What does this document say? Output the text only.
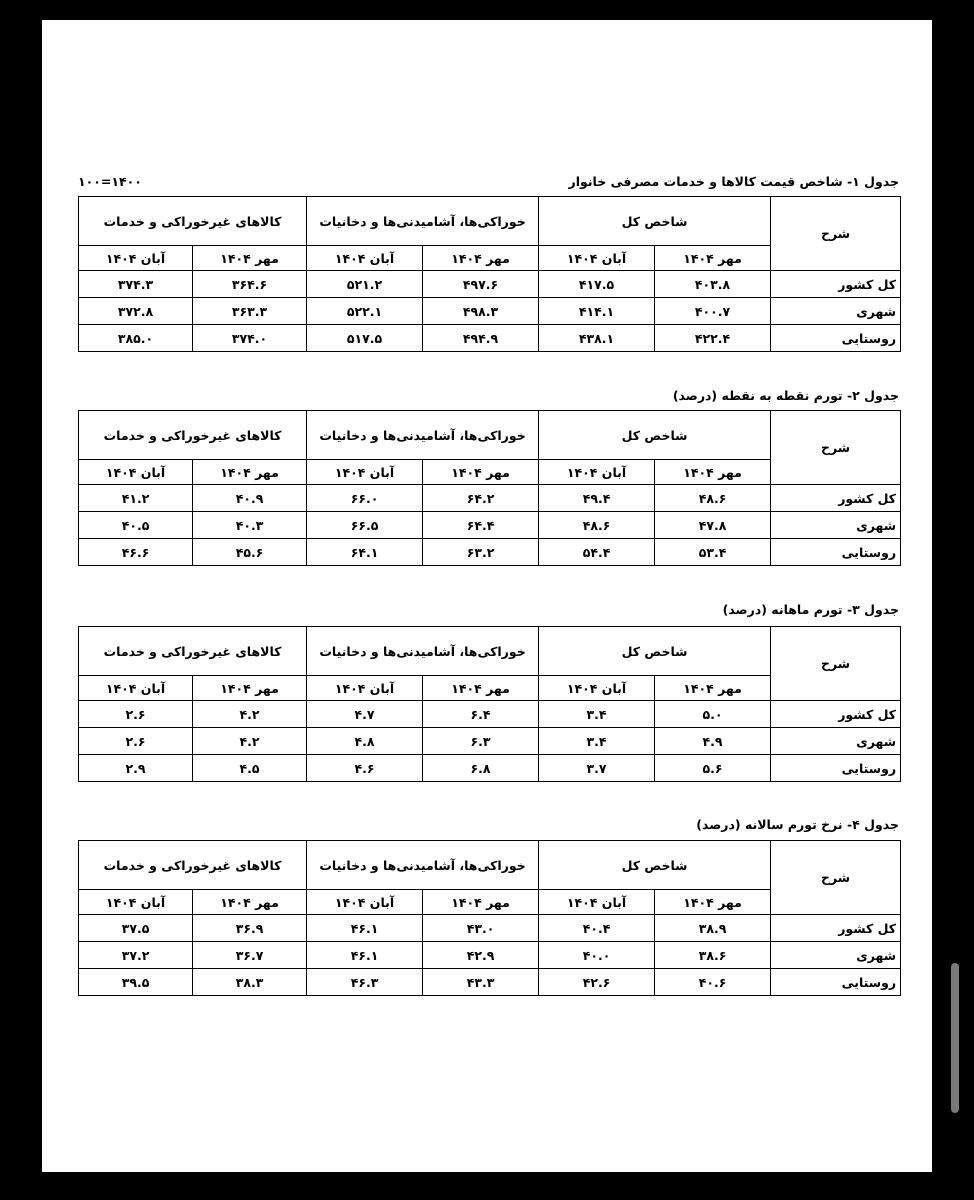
جدول ۱- شاخص قیمت کالاها و خدمات مصرفی خانوار
۱۰۰=۱۴۰۰
شرح	شاخص کل		خوراکی‌ها، آشامیدنی‌ها و دخانیات		کالاهای غیرخوراکی و خدمات	
	مهر ۱۴۰۴	آبان ۱۴۰۴	مهر ۱۴۰۴	آبان ۱۴۰۴	مهر ۱۴۰۴	آبان ۱۴۰۴
کل کشور	۴۰۳.۸	۴۱۷.۵	۴۹۷.۶	۵۲۱.۲	۳۶۴.۶	۳۷۴.۳
شهری	۴۰۰.۷	۴۱۴.۱	۴۹۸.۳	۵۲۲.۱	۳۶۳.۳	۳۷۲.۸
روستایی	۴۲۲.۴	۴۳۸.۱	۴۹۴.۹	۵۱۷.۵	۳۷۴.۰	۳۸۵.۰
جدول ۲- تورم نقطه به نقطه (درصد)
شرح	شاخص کل		خوراکی‌ها، آشامیدنی‌ها و دخانیات		کالاهای غیرخوراکی و خدمات	
	مهر ۱۴۰۴	آبان ۱۴۰۴	مهر ۱۴۰۴	آبان ۱۴۰۴	مهر ۱۴۰۴	آبان ۱۴۰۴
کل کشور	۴۸.۶	۴۹.۴	۶۴.۲	۶۶.۰	۴۰.۹	۴۱.۲
شهری	۴۷.۸	۴۸.۶	۶۴.۴	۶۶.۵	۴۰.۳	۴۰.۵
روستایی	۵۳.۴	۵۴.۴	۶۳.۲	۶۴.۱	۴۵.۶	۴۶.۶
جدول ۳- تورم ماهانه (درصد)
شرح	شاخص کل		خوراکی‌ها، آشامیدنی‌ها و دخانیات		کالاهای غیرخوراکی و خدمات	
	مهر ۱۴۰۴	آبان ۱۴۰۴	مهر ۱۴۰۴	آبان ۱۴۰۴	مهر ۱۴۰۴	آبان ۱۴۰۴
کل کشور	۵.۰	۳.۴	۶.۴	۴.۷	۴.۲	۲.۶
شهری	۴.۹	۳.۴	۶.۳	۴.۸	۴.۲	۲.۶
روستایی	۵.۶	۳.۷	۶.۸	۴.۶	۴.۵	۲.۹
جدول ۴- نرخ تورم سالانه (درصد)
شرح	شاخص کل		خوراکی‌ها، آشامیدنی‌ها و دخانیات		کالاهای غیرخوراکی و خدمات	
	مهر ۱۴۰۴	آبان ۱۴۰۴	مهر ۱۴۰۴	آبان ۱۴۰۴	مهر ۱۴۰۴	آبان ۱۴۰۴
کل کشور	۳۸.۹	۴۰.۴	۴۳.۰	۴۶.۱	۳۶.۹	۳۷.۵
شهری	۳۸.۶	۴۰.۰	۴۲.۹	۴۶.۱	۳۶.۷	۳۷.۲
روستایی	۴۰.۶	۴۲.۶	۴۳.۳	۴۶.۳	۳۸.۳	۳۹.۵
